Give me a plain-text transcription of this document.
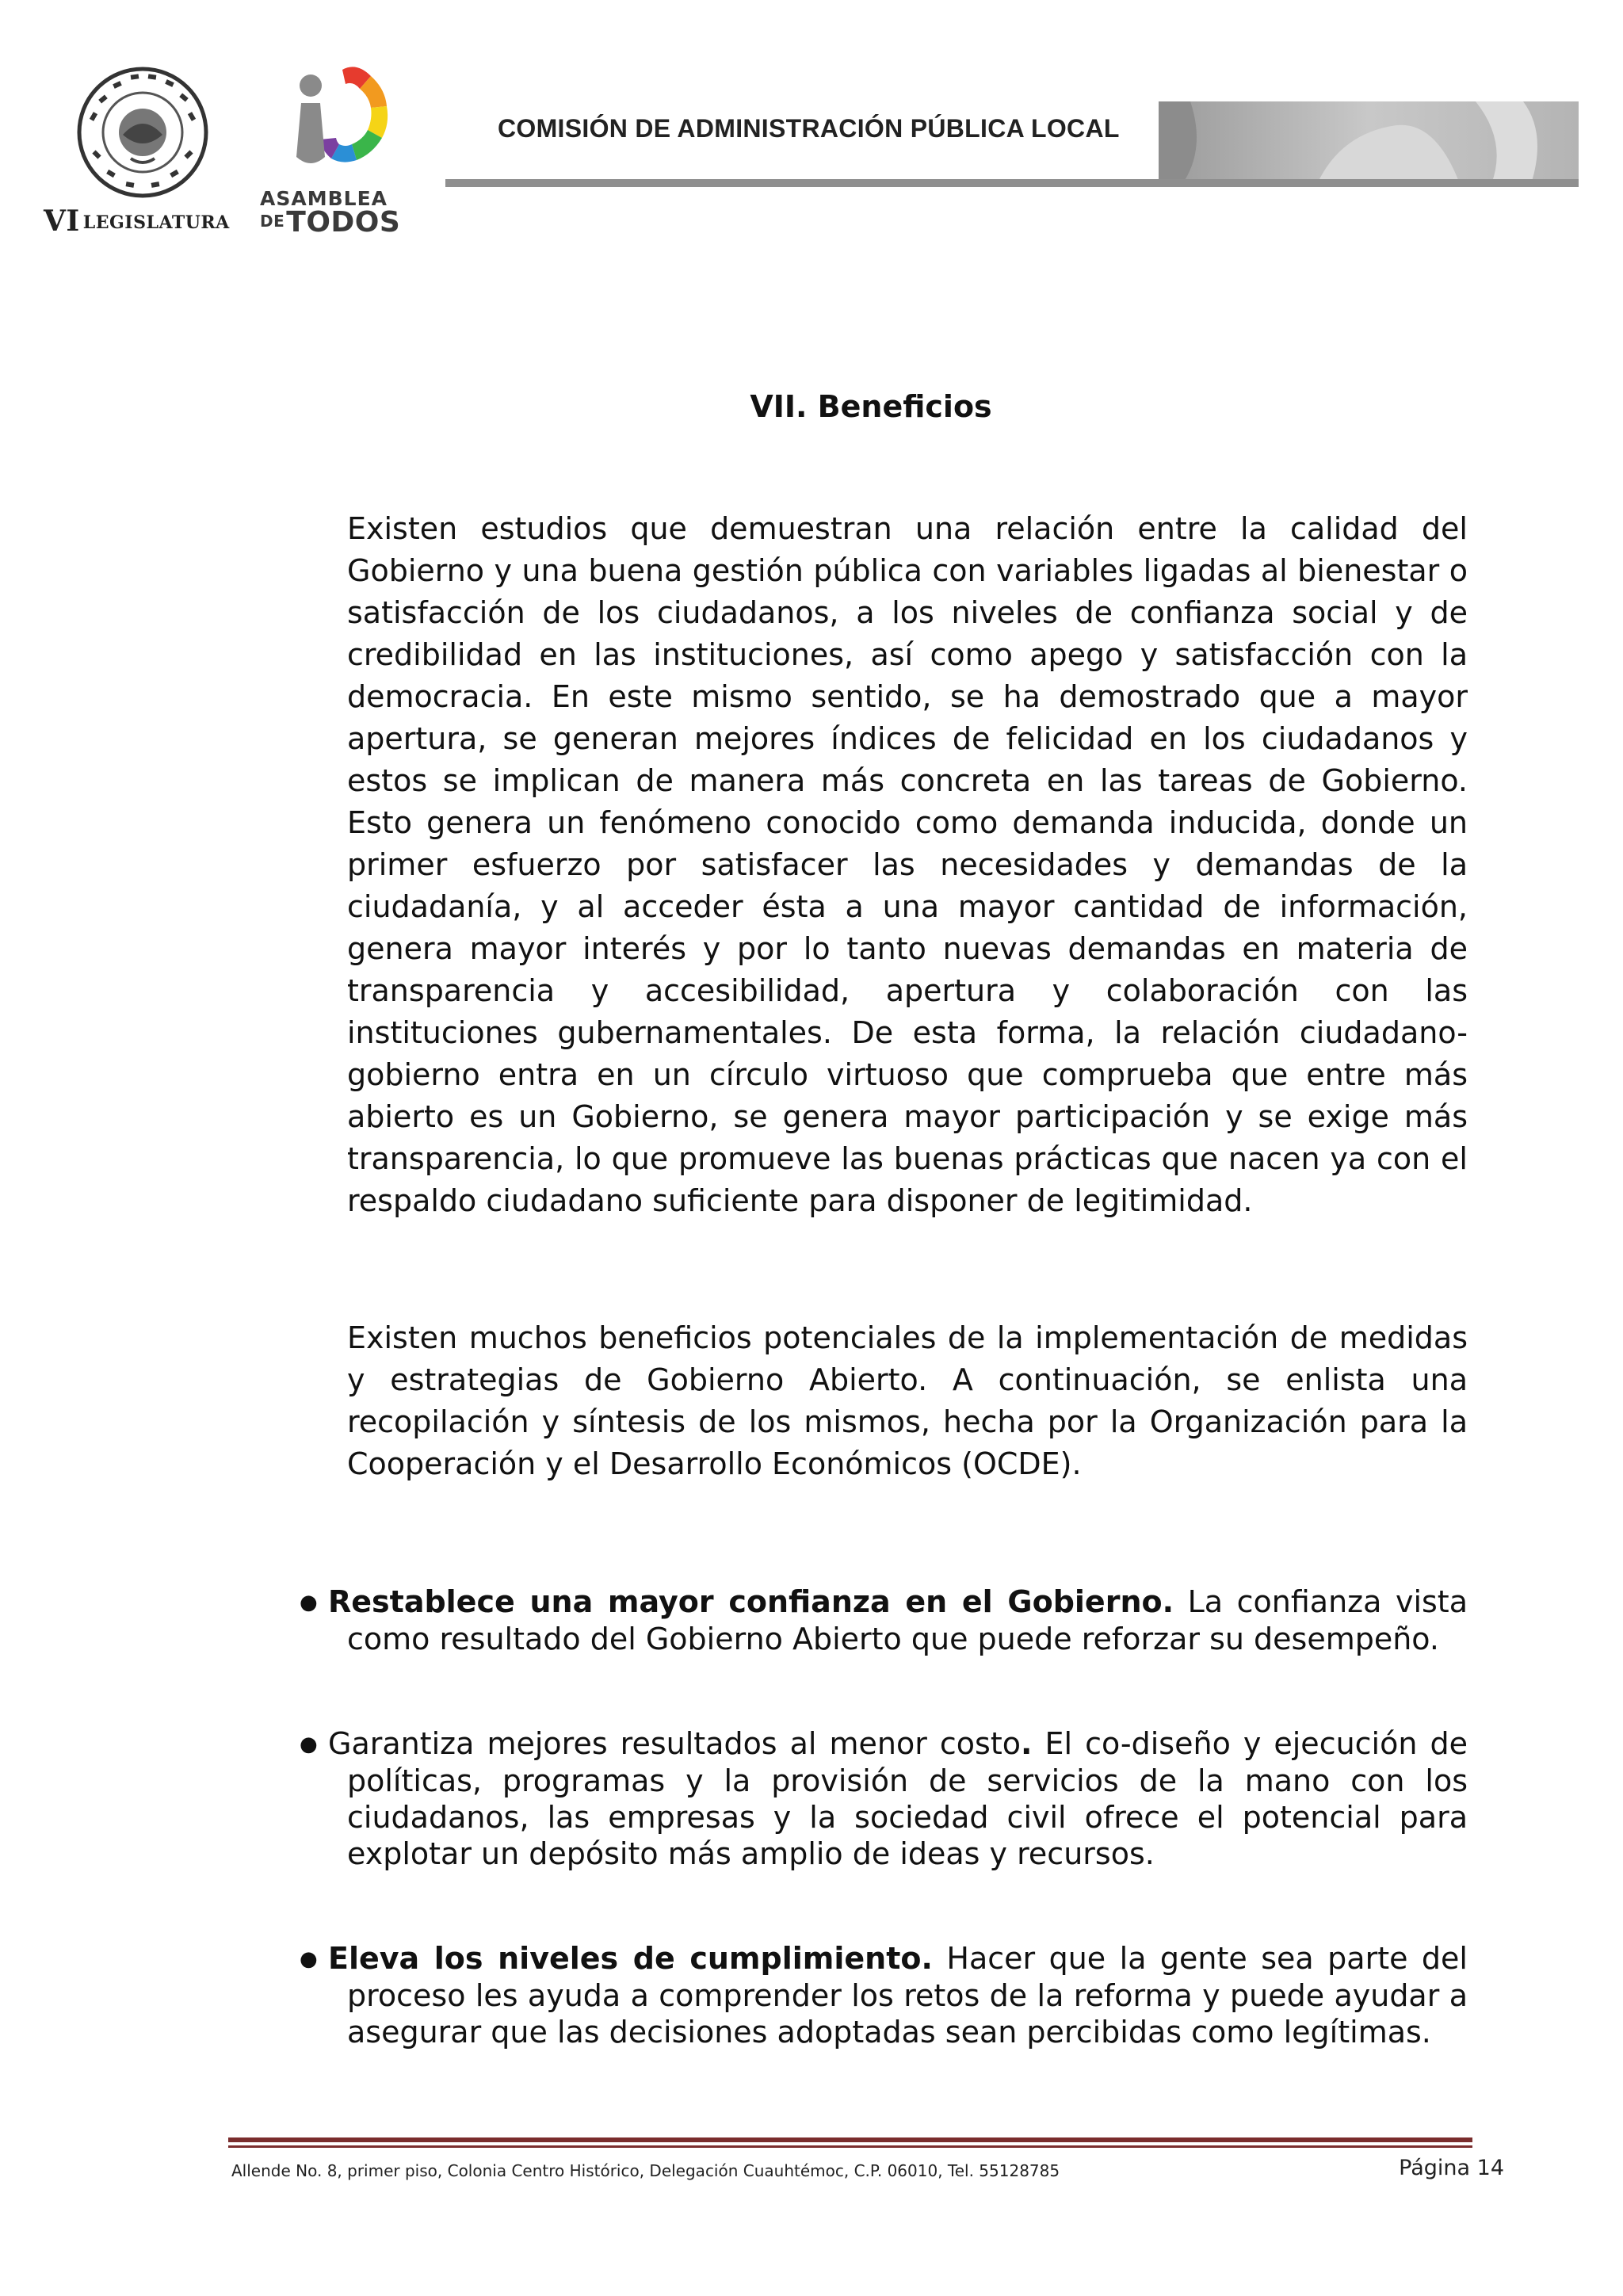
VI LEGISLATURA
ASAMBLEA
DETODOS
COMISIÓN DE ADMINISTRACIÓN PÚBLICA LOCAL
VII. Beneficios

Existen estudios que demuestran una relación entre la calidad del Gobierno y una buena gestión pública con variables ligadas al bienestar o satisfacción de los ciudadanos, a los niveles de confianza social y de credibilidad en las instituciones, así como apego y satisfacción con la democracia. En este mismo sentido, se ha demostrado que a mayor apertura, se generan mejores índices de felicidad en los ciudadanos y estos se implican de manera más concreta en las tareas de Gobierno. Esto genera un fenómeno conocido como demanda inducida, donde un primer esfuerzo por satisfacer las necesidades y demandas de la ciudadanía, y al acceder ésta a una mayor cantidad de información, genera mayor interés y por lo tanto nuevas demandas en materia de transparencia y accesibilidad, apertura y colaboración con las instituciones gubernamentales. De esta forma, la relación ciudadano-gobierno entra en un círculo virtuoso que comprueba que entre más abierto es un Gobierno, se genera mayor participación y se exige más transparencia, lo que promueve las buenas prácticas que nacen ya con el respaldo ciudadano suficiente para disponer de legitimidad.

Existen muchos beneficios potenciales de la implementación de medidas y estrategias de Gobierno Abierto. A continuación, se enlista una recopilación y síntesis de los mismos, hecha por la Organización para la Cooperación y el Desarrollo Económicos (OCDE).

● Restablece una mayor confianza en el Gobierno. La confianza vista como resultado del Gobierno Abierto que puede reforzar su desempeño.

● Garantiza mejores resultados al menor costo. El co-diseño y ejecución de políticas, programas y la provisión de servicios de la mano con los ciudadanos, las empresas y la sociedad civil ofrece el potencial para explotar un depósito más amplio de ideas y recursos.

● Eleva los niveles de cumplimiento. Hacer que la gente sea parte del proceso les ayuda a comprender los retos de la reforma y puede ayudar a asegurar que las decisiones adoptadas sean percibidas como legítimas.

Allende No. 8, primer piso, Colonia Centro Histórico, Delegación Cuauhtémoc, C.P. 06010, Tel. 55128785	Página 14
